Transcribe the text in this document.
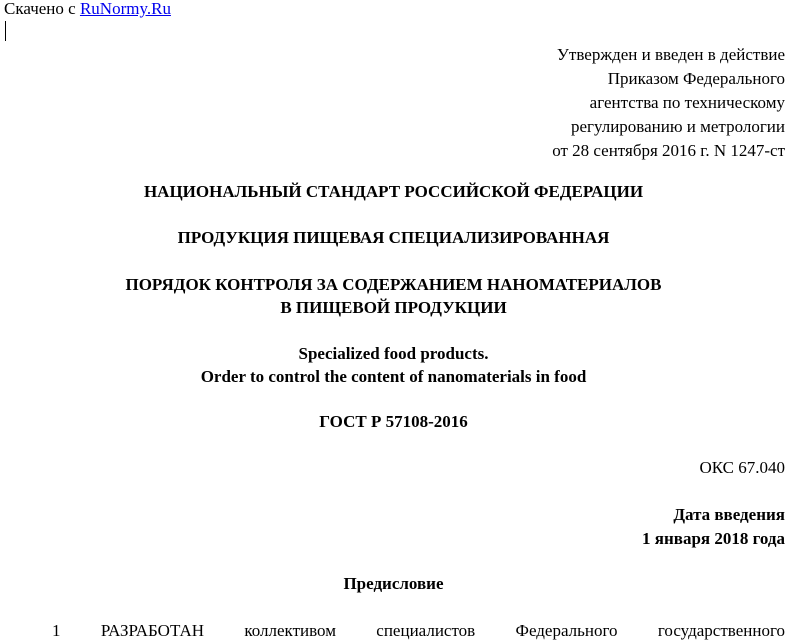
Скачено с RuNormy.Ru
Утвержден и введен в действие
Приказом Федерального
агентства по техническому
регулированию и метрологии
от 28 сентября 2016 г. N 1247-ст
НАЦИОНАЛЬНЫЙ СТАНДАРТ РОССИЙСКОЙ ФЕДЕРАЦИИ
ПРОДУКЦИЯ ПИЩЕВАЯ СПЕЦИАЛИЗИРОВАННАЯ
ПОРЯДОК КОНТРОЛЯ ЗА СОДЕРЖАНИЕМ НАНОМАТЕРИАЛОВ
В ПИЩЕВОЙ ПРОДУКЦИИ
Specialized food products.
Order to control the content of nanomaterials in food
ГОСТ Р 57108-2016
ОКС 67.040
Дата введения
1 января 2018 года
Предисловие
1 РАЗРАБОТАН коллективом специалистов Федерального государственного
